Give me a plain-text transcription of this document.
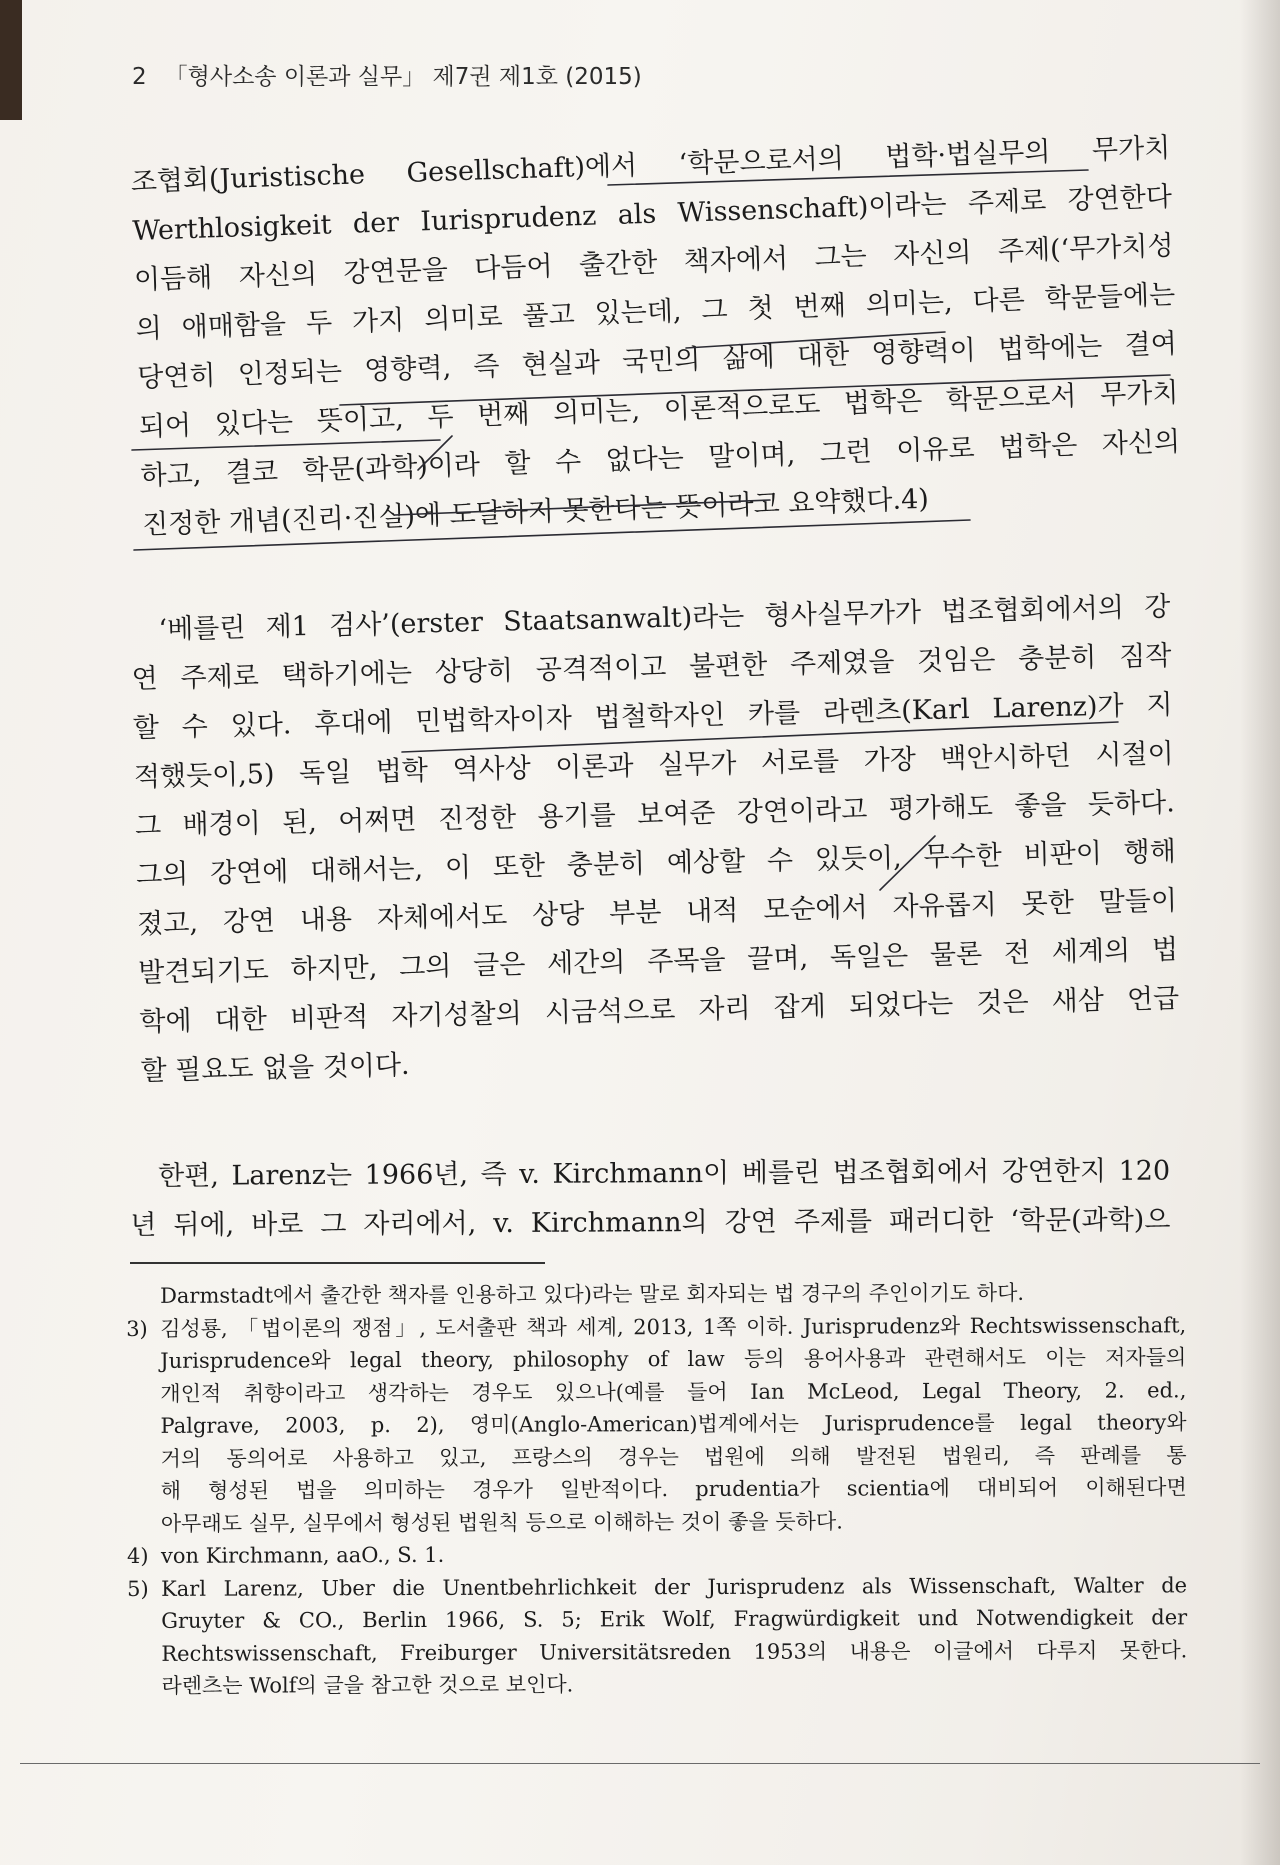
2 「형사소송 이론과 실무」 제7권 제1호 (2015)
조협회(Juristische Gesellschaft)에서 ‘학문으로서의 법학·법실무의 무가치
Werthlosigkeit der Iurisprudenz als Wissenschaft)이라는 주제로 강연한다
이듬해 자신의 강연문을 다듬어 출간한 책자에서 그는 자신의 주제(‘무가치성
의 애매함을 두 가지 의미로 풀고 있는데, 그 첫 번째 의미는, 다른 학문들에는
당연히 인정되는 영향력, 즉 현실과 국민의 삶에 대한 영향력이 법학에는 결여
되어 있다는 뜻이고, 두 번째 의미는, 이론적으로도 법학은 학문으로서 무가치
하고, 결코 학문(과학)이라 할 수 없다는 말이며, 그런 이유로 법학은 자신의
진정한 개념(진리·진실)에 도달하지 못한다는 뜻이라고 요약했다.4)
‘베를린 제1 검사’(erster Staatsanwalt)라는 형사실무가가 법조협회에서의 강
연 주제로 택하기에는 상당히 공격적이고 불편한 주제였을 것임은 충분히 짐작
할 수 있다. 후대에 민법학자이자 법철학자인 카를 라렌츠(Karl Larenz)가 지
적했듯이,5) 독일 법학 역사상 이론과 실무가 서로를 가장 백안시하던 시절이
그 배경이 된, 어쩌면 진정한 용기를 보여준 강연이라고 평가해도 좋을 듯하다.
그의 강연에 대해서는, 이 또한 충분히 예상할 수 있듯이, 무수한 비판이 행해
졌고, 강연 내용 자체에서도 상당 부분 내적 모순에서 자유롭지 못한 말들이
발견되기도 하지만, 그의 글은 세간의 주목을 끌며, 독일은 물론 전 세계의 법
학에 대한 비판적 자기성찰의 시금석으로 자리 잡게 되었다는 것은 새삼 언급
할 필요도 없을 것이다.
한편, Larenz는 1966년, 즉 v. Kirchmann이 베를린 법조협회에서 강연한지 120
년 뒤에, 바로 그 자리에서, v. Kirchmann의 강연 주제를 패러디한 ‘학문(과학)으
Darmstadt에서 출간한 책자를 인용하고 있다)라는 말로 회자되는 법 경구의 주인이기도 하다.
3) 김성룡, 「법이론의 쟁점」, 도서출판 책과 세계, 2013, 1쪽 이하. Jurisprudenz와 Rechtswissenschaft,
Jurisprudence와 legal theory, philosophy of law 등의 용어사용과 관련해서도 이는 저자들의
개인적 취향이라고 생각하는 경우도 있으나(예를 들어 Ian McLeod, Legal Theory, 2. ed.,
Palgrave, 2003, p. 2), 영미(Anglo-American)법계에서는 Jurisprudence를 legal theory와
거의 동의어로 사용하고 있고, 프랑스의 경우는 법원에 의해 발전된 법원리, 즉 판례를 통
해 형성된 법을 의미하는 경우가 일반적이다. prudentia가 scientia에 대비되어 이해된다면
아무래도 실무, 실무에서 형성된 법원칙 등으로 이해하는 것이 좋을 듯하다.
4) von Kirchmann, aaO., S. 1.
5) Karl Larenz, Uber die Unentbehrlichkeit der Jurisprudenz als Wissenschaft, Walter de
Gruyter & CO., Berlin 1966, S. 5; Erik Wolf, Fragwürdigkeit und Notwendigkeit der
Rechtswissenschaft, Freiburger Universitätsreden 1953의 내용은 이글에서 다루지 못한다.
라렌츠는 Wolf의 글을 참고한 것으로 보인다.
